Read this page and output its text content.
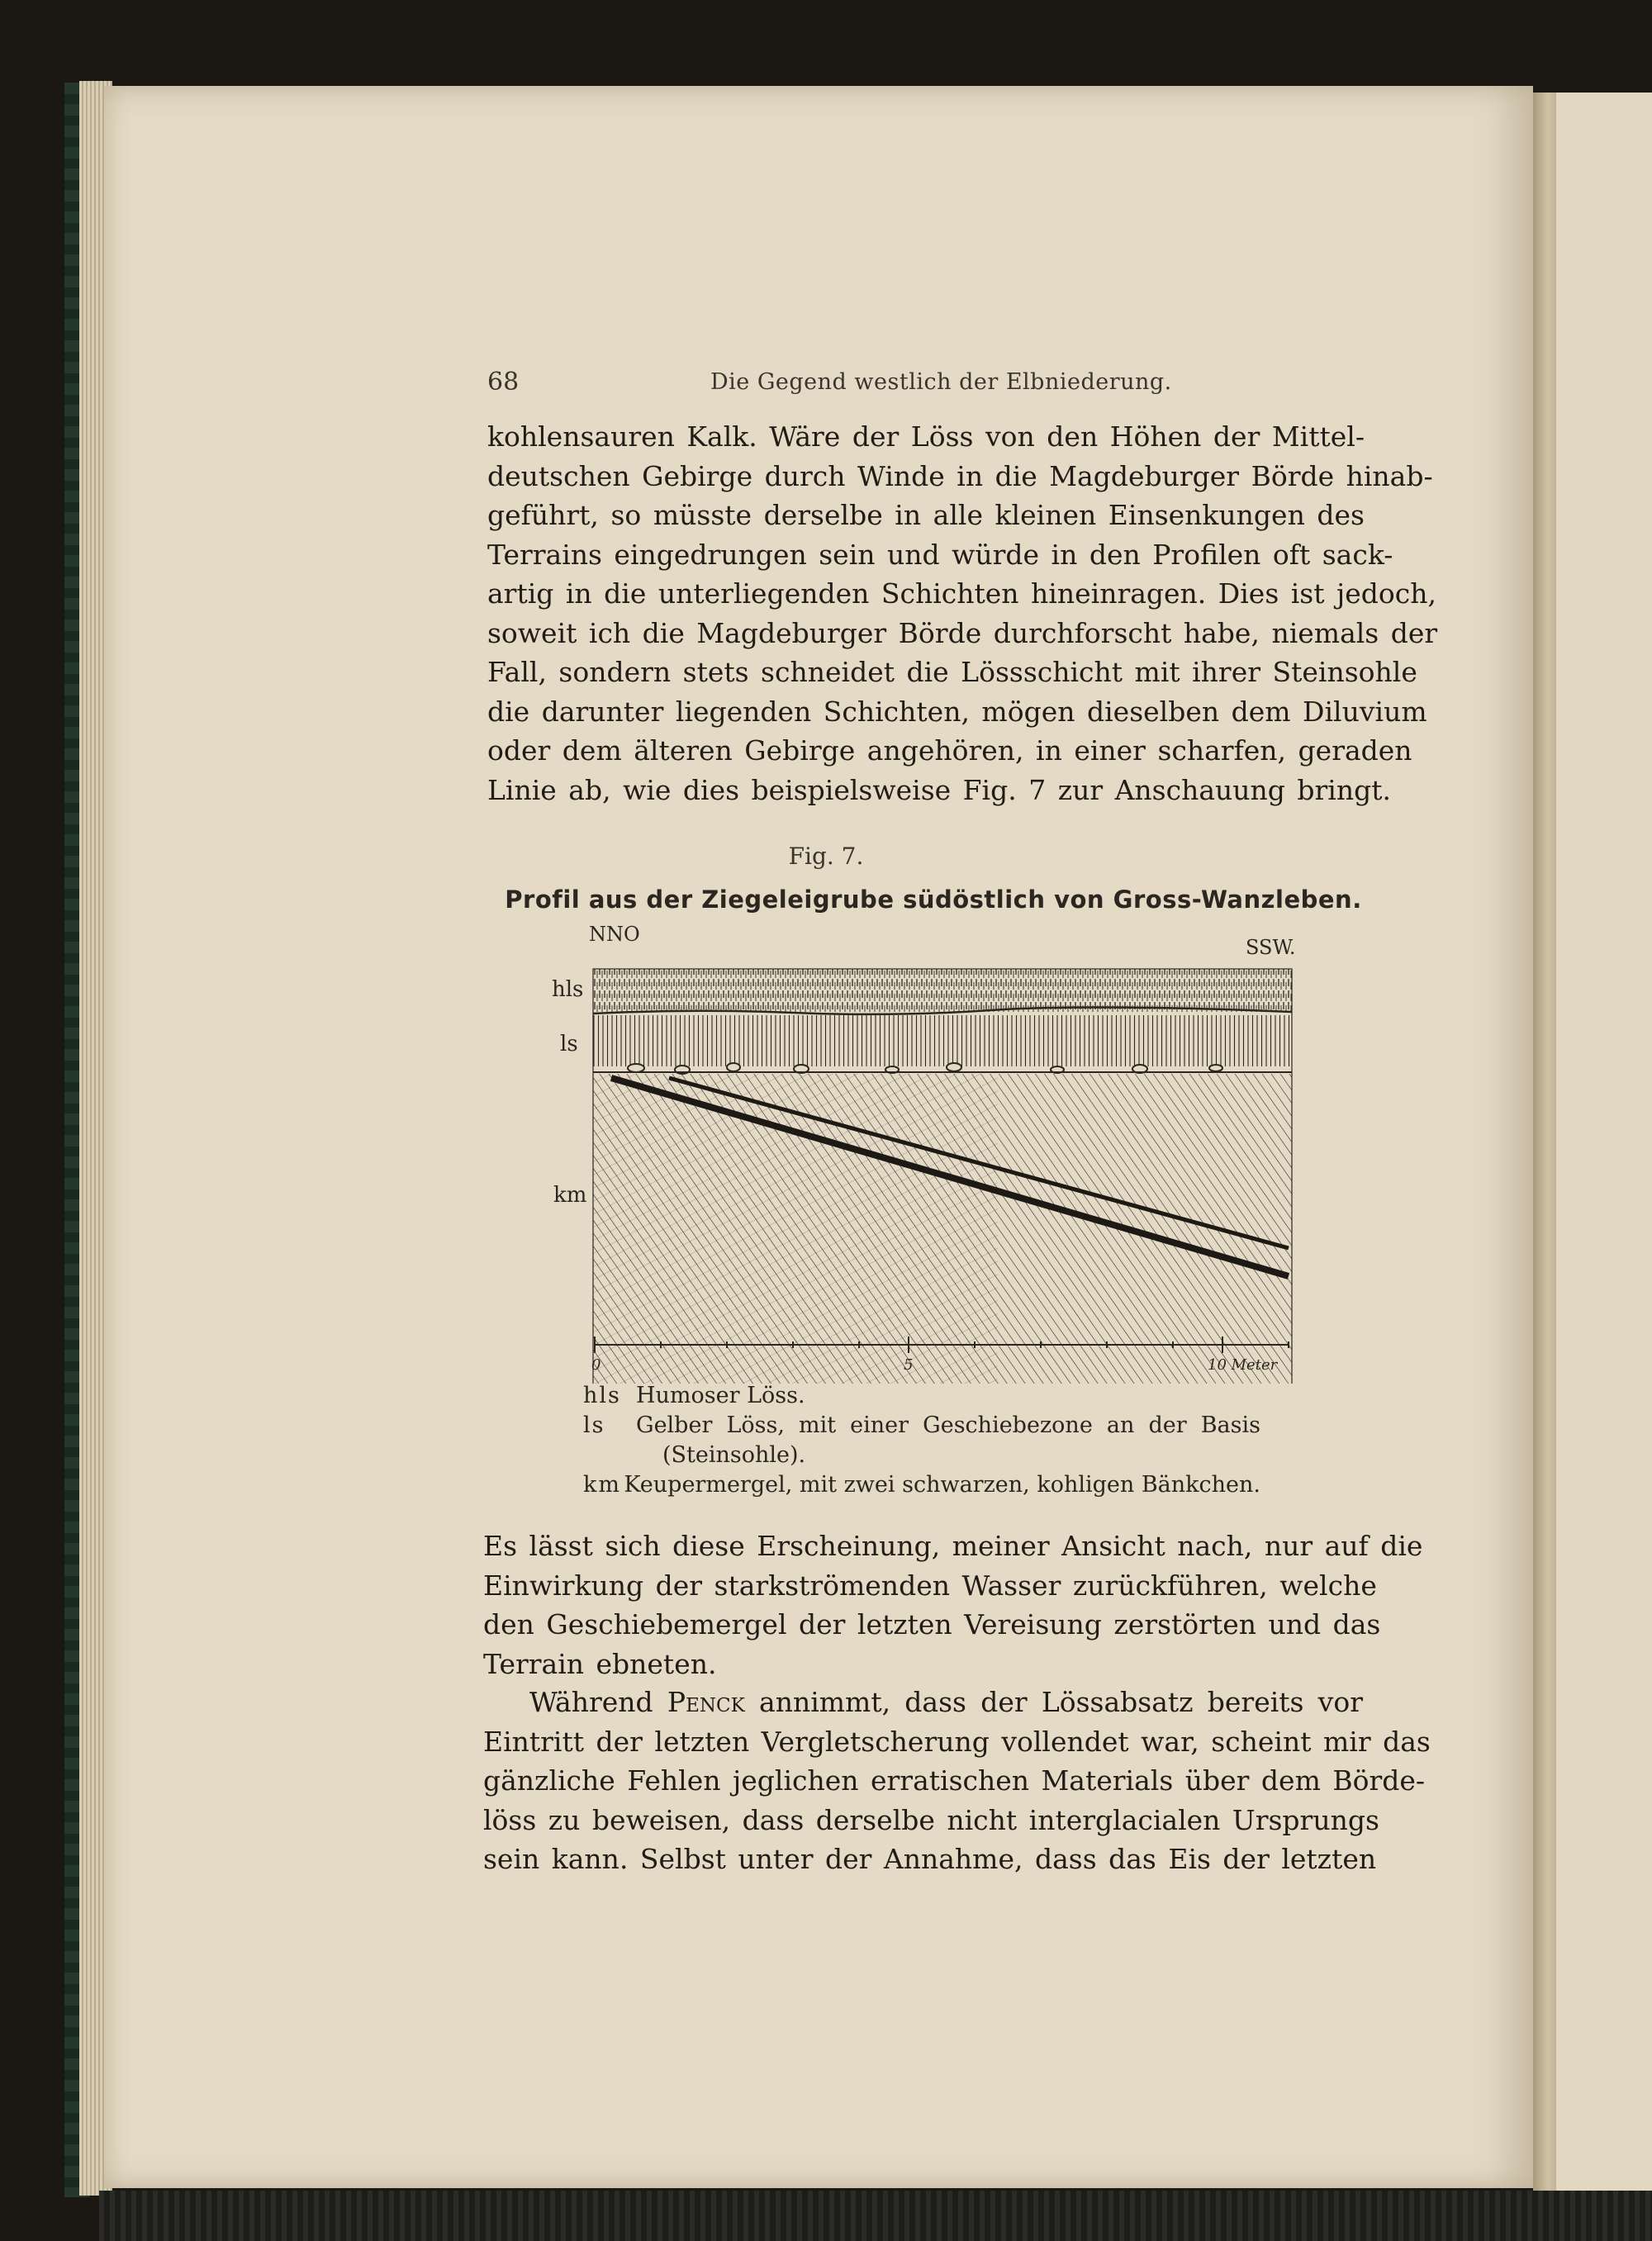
68	Die Gegend westlich der Elbniederung.
kohlensauren Kalk. Wäre der Löss von den Höhen der Mittel-
deutschen Gebirge durch Winde in die Magdeburger Börde hinab-
geführt, so müsste derselbe in alle kleinen Einsenkungen des
Terrains eingedrungen sein und würde in den Profilen oft sack-
artig in die unterliegenden Schichten hineinragen. Dies ist jedoch,
soweit ich die Magdeburger Börde durchforscht habe, niemals der
Fall, sondern stets schneidet die Lössschicht mit ihrer Steinsohle
die darunter liegenden Schichten, mögen dieselben dem Diluvium
oder dem älteren Gebirge angehören, in einer scharfen, geraden
Linie ab, wie dies beispielsweise Fig. 7 zur Anschauung bringt.
Fig. 7.
Profil aus der Ziegeleigrube südöstlich von Gross-Wanzleben.
NNO
SSW.
hls
ls
km
0	5	10 Meter
hls Humoser Löss.
ls	Gelber Löss, mit einer Geschiebezone an der Basis
(Steinsohle).
km Keupermergel, mit zwei schwarzen, kohligen Bänkchen.
Es lässt sich diese Erscheinung, meiner Ansicht nach, nur auf die
Einwirkung der starkströmenden Wasser zurückführen, welche
den Geschiebemergel der letzten Vereisung zerstörten und das
Terrain ebneten.
Während Penck annimmt, dass der Lössabsatz bereits vor
Eintritt der letzten Vergletscherung vollendet war, scheint mir das
gänzliche Fehlen jeglichen erratischen Materials über dem Börde-
löss zu beweisen, dass derselbe nicht interglacialen Ursprungs
sein kann. Selbst unter der Annahme, dass das Eis der letzten
